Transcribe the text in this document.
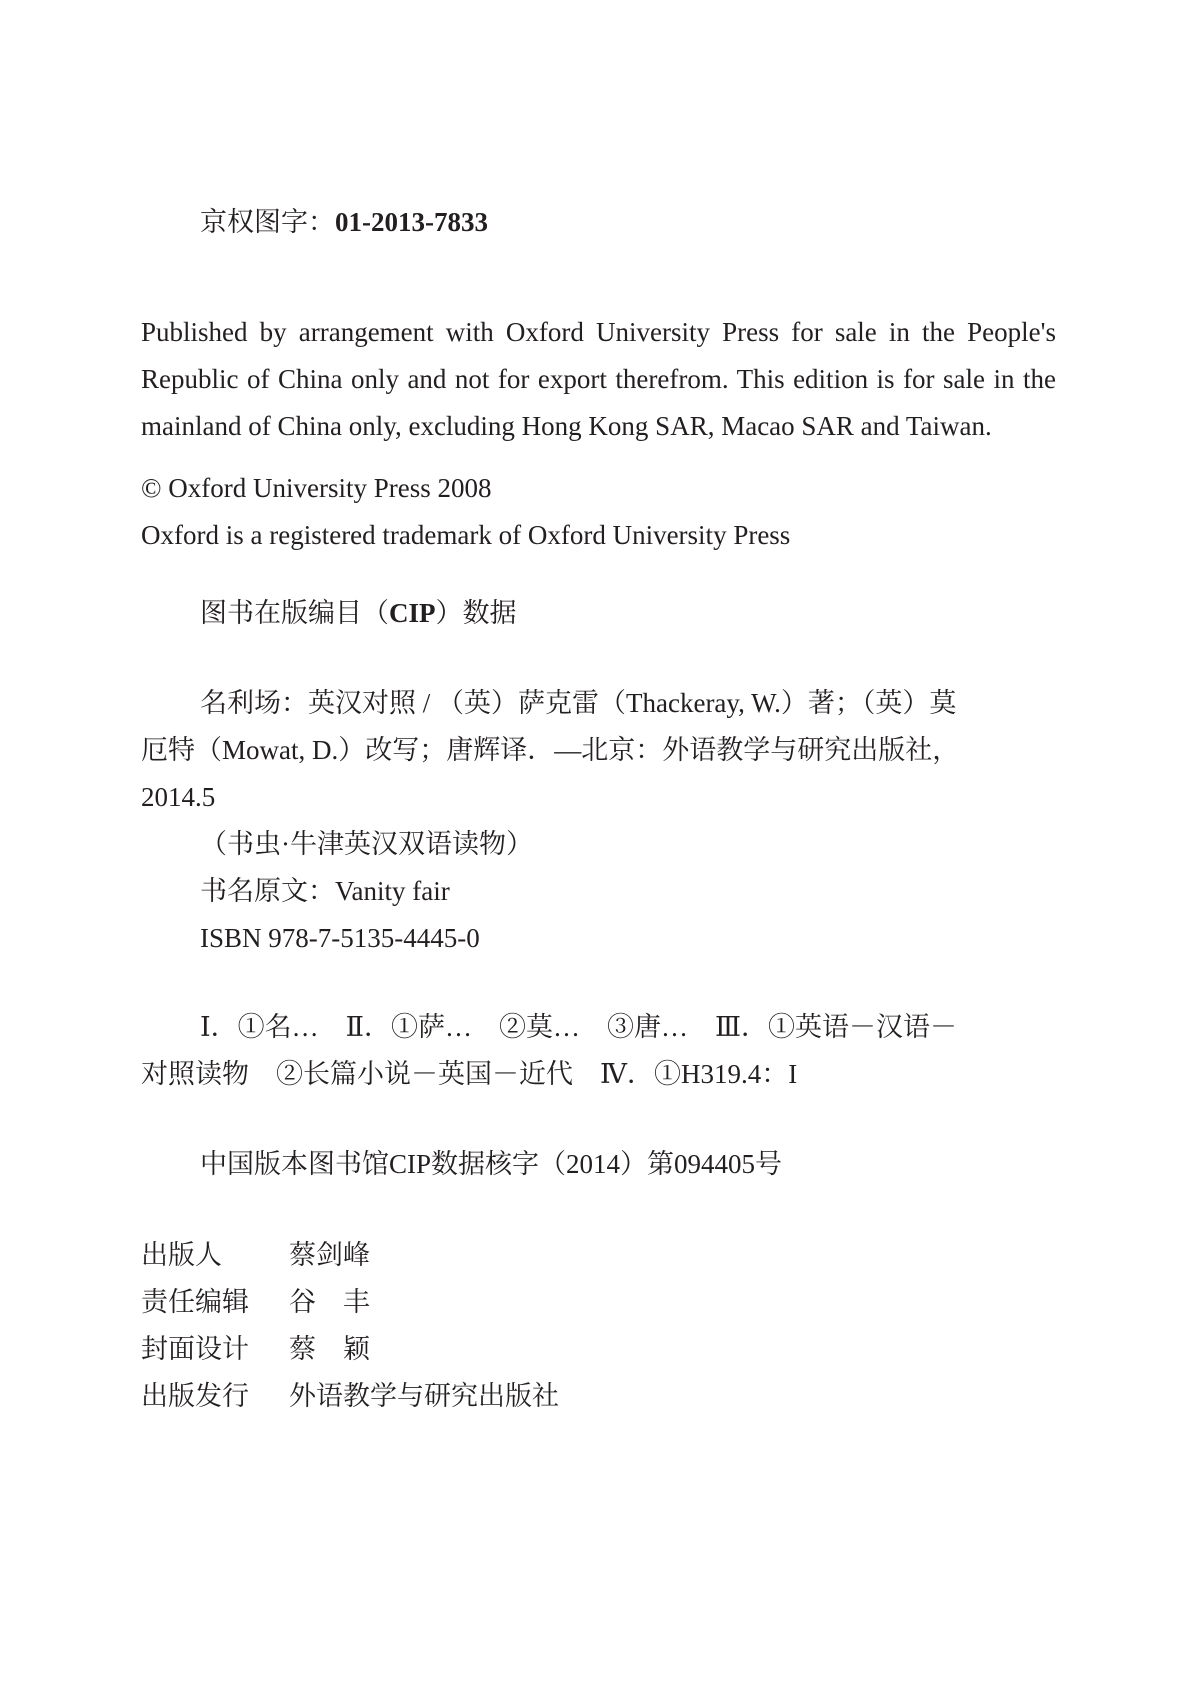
京权图字：01-2013-7833
Published by arrangement with Oxford University Press for sale in the People's Republic of China only and not for export therefrom. This edition is for sale in the mainland of China only, excluding Hong Kong SAR, Macao SAR and Taiwan.
© Oxford University Press 2008
Oxford is a registered trademark of Oxford University Press
图书在版编目（CIP）数据
名利场：英汉对照 / （英）萨克雷（Thackeray, W.）著；（英）莫
厄特（Mowat, D.）改写；唐辉译．—北京：外语教学与研究出版社，
2014.5
（书虫·牛津英汉双语读物）
书名原文：Vanity fair
ISBN 978-7-5135-4445-0
Ⅰ．①名…　Ⅱ．①萨…　②莫…　③唐…　Ⅲ．①英语－汉语－
对照读物　②长篇小说－英国－近代　Ⅳ．①H319.4：I
中国版本图书馆CIP数据核字（2014）第094405号
出版人	蔡剑峰
责任编辑	谷　丰
封面设计	蔡　颖
出版发行	外语教学与研究出版社
